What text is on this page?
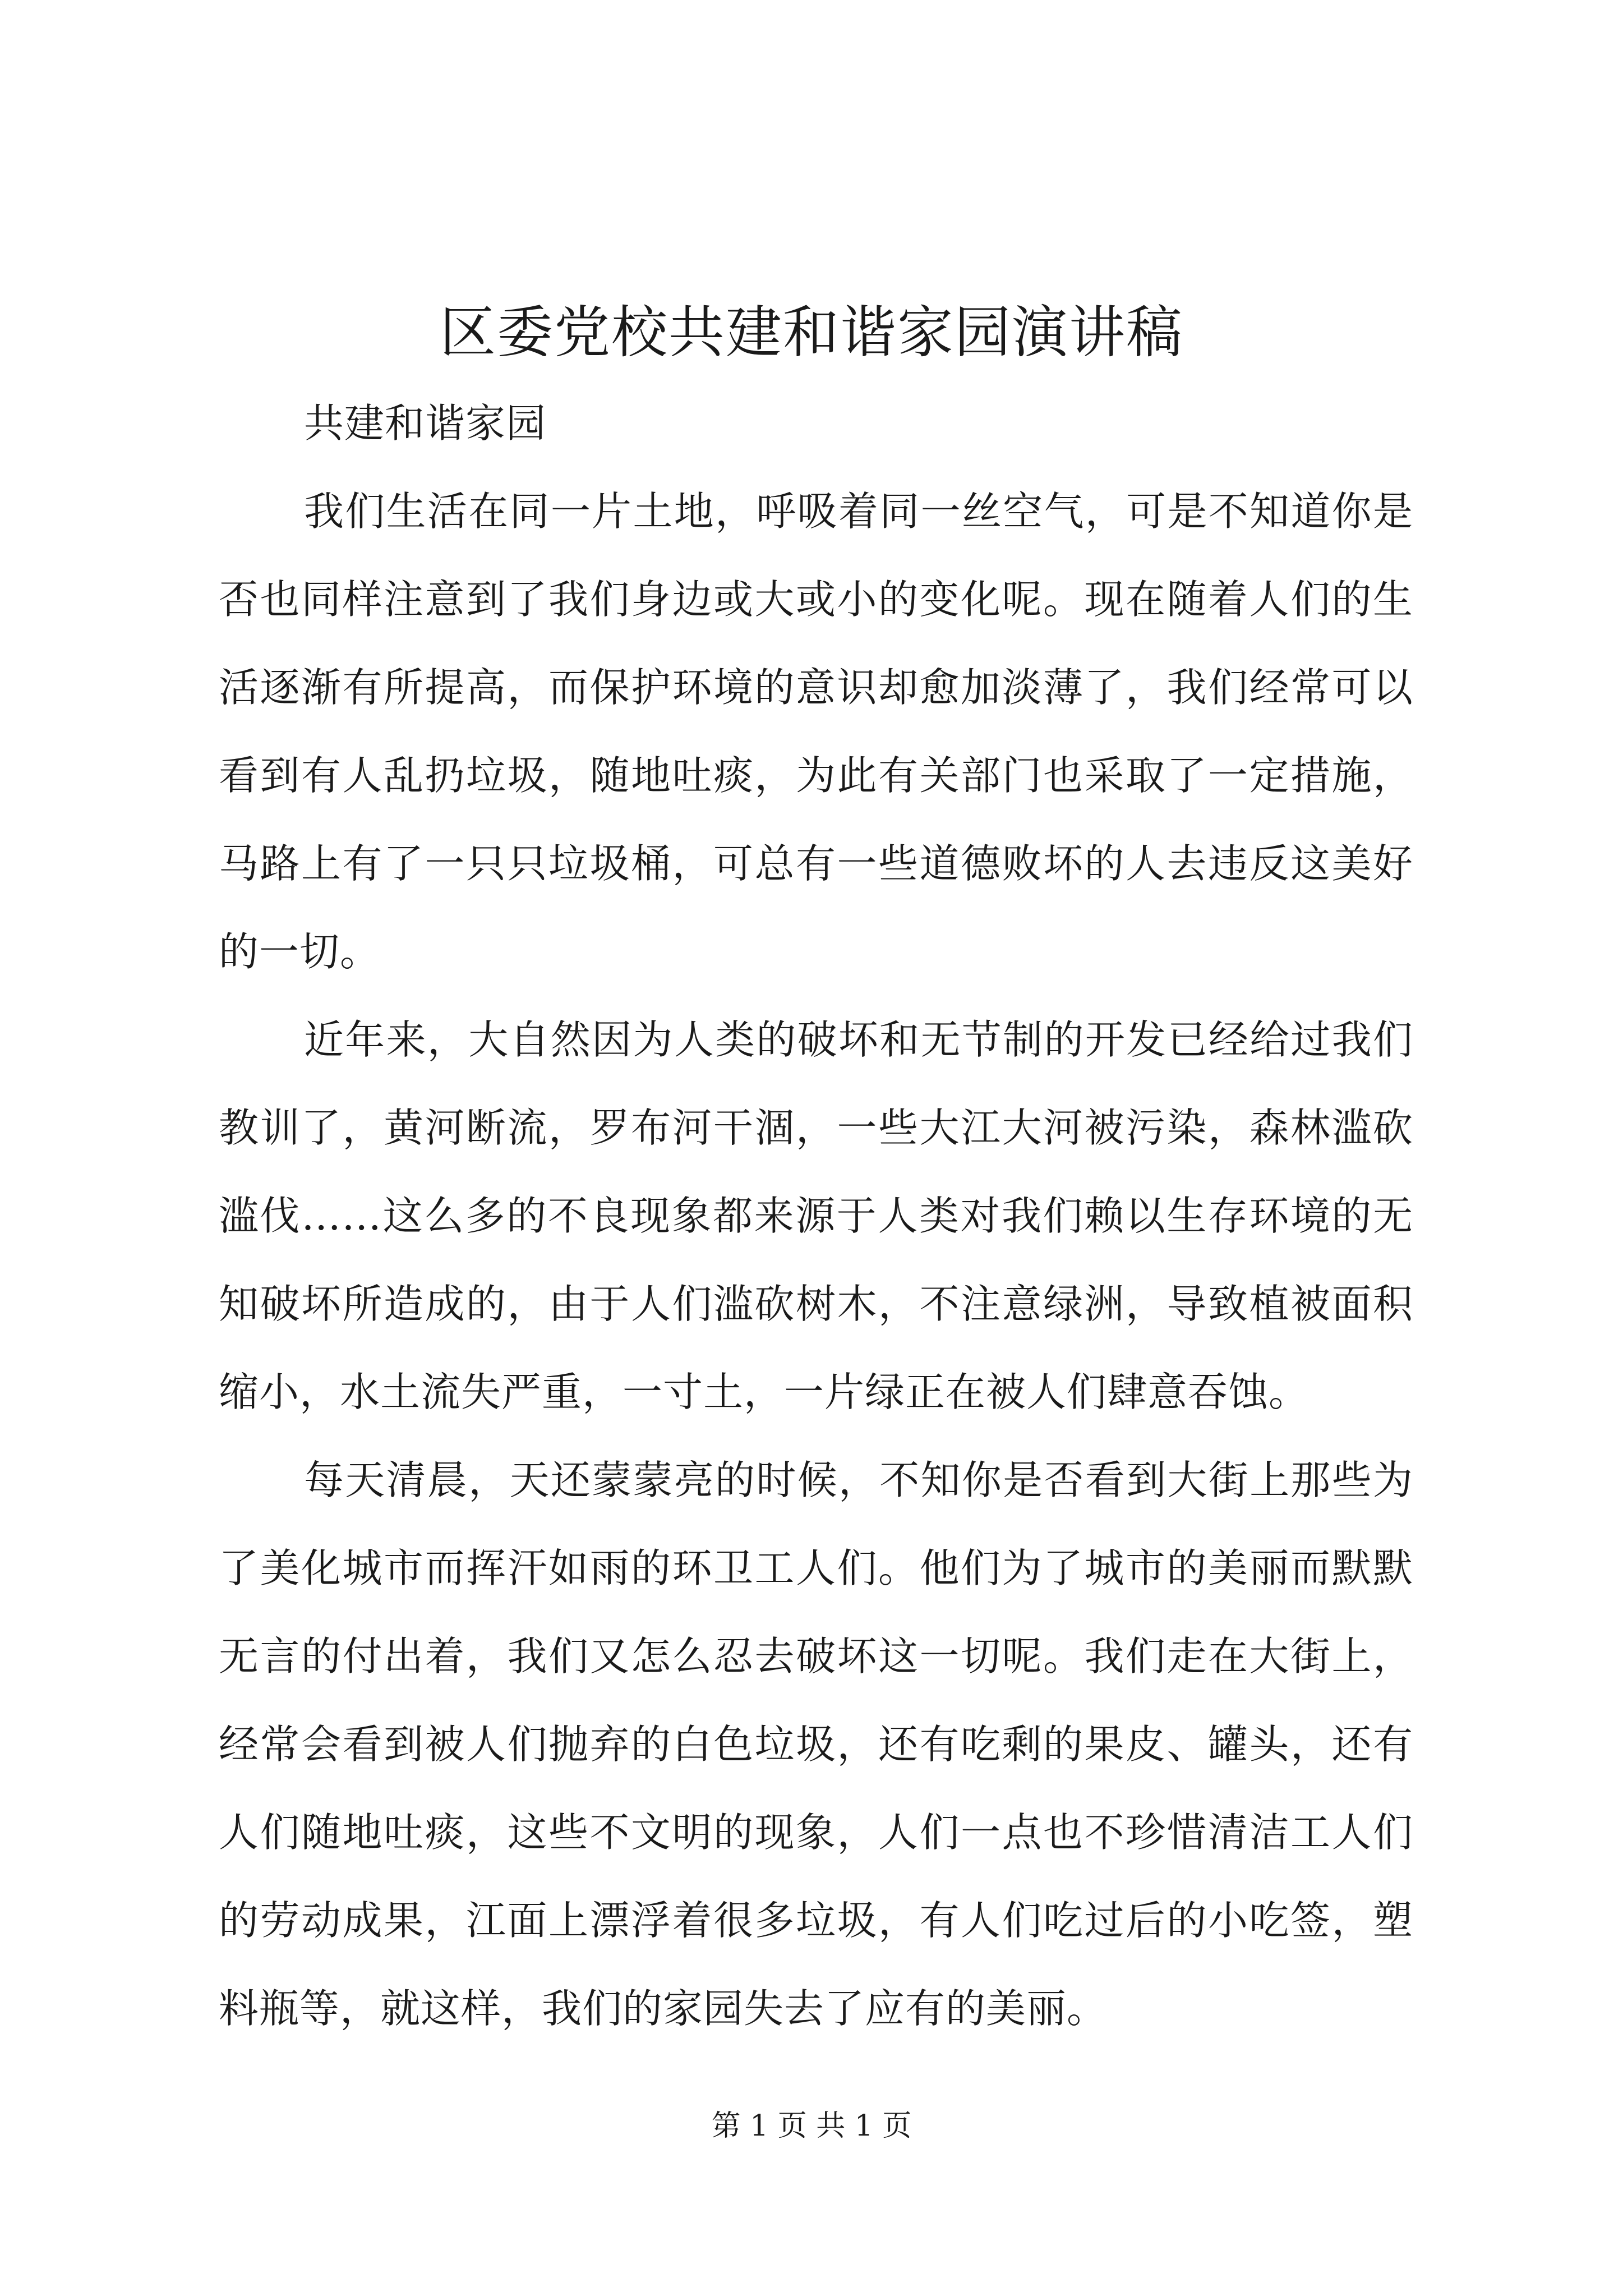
区委党校共建和谐家园演讲稿

共建和谐家园

我们生活在同一片土地，呼吸着同一丝空气，可是不知道你是否也同样注意到了我们身边或大或小的变化呢。现在随着人们的生活逐渐有所提高，而保护环境的意识却愈加淡薄了，我们经常可以看到有人乱扔垃圾，随地吐痰，为此有关部门也采取了一定措施，马路上有了一只只垃圾桶，可总有一些道德败坏的人去违反这美好的一切。

近年来，大自然因为人类的破坏和无节制的开发已经给过我们教训了，黄河断流，罗布河干涸，一些大江大河被污染，森林滥砍滥伐……这么多的不良现象都来源于人类对我们赖以生存环境的无知破坏所造成的，由于人们滥砍树木，不注意绿洲，导致植被面积缩小，水土流失严重，一寸土，一片绿正在被人们肆意吞蚀。

每天清晨，天还蒙蒙亮的时候，不知你是否看到大街上那些为了美化城市而挥汗如雨的环卫工人们。他们为了城市的美丽而默默无言的付出着，我们又怎么忍去破坏这一切呢。我们走在大街上，经常会看到被人们抛弃的白色垃圾，还有吃剩的果皮、罐头，还有人们随地吐痰，这些不文明的现象，人们一点也不珍惜清洁工人们的劳动成果，江面上漂浮着很多垃圾，有人们吃过后的小吃签，塑料瓶等，就这样，我们的家园失去了应有的美丽。

第 1 页 共 1 页
